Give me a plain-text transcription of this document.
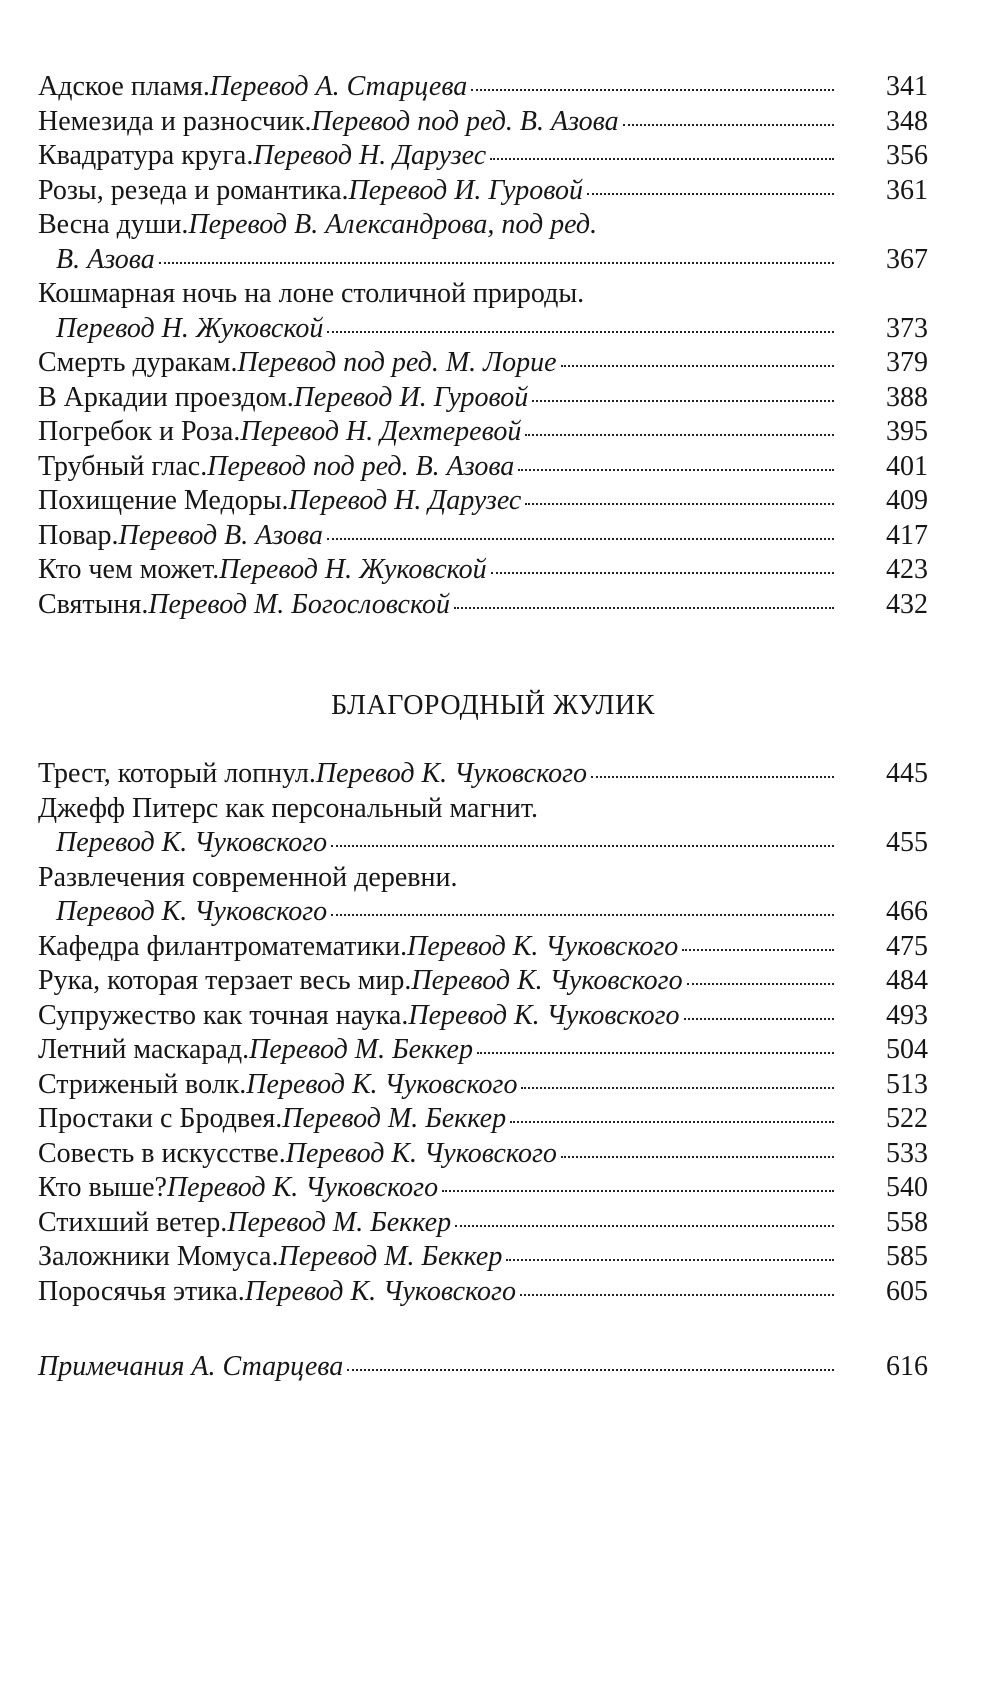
Адское пламя. Перевод А. Старцева	341
Немезида и разносчик. Перевод под ред. В. Азова	348
Квадратура круга. Перевод Н. Дарузес	356
Розы, резеда и романтика. Перевод И. Гуровой	361
Весна души. Перевод В. Александрова, под ред.
В. Азова	367
Кошмарная ночь на лоне столичной природы.
Перевод Н. Жуковской	373
Смерть дуракам. Перевод под ред. М. Лорие	379
В Аркадии проездом. Перевод И. Гуровой	388
Погребок и Роза. Перевод Н. Дехтеревой	395
Трубный глас. Перевод под ред. В. Азова	401
Похищение Медоры. Перевод Н. Дарузес	409
Повар. Перевод В. Азова	417
Кто чем может. Перевод Н. Жуковской	423
Святыня. Перевод М. Богословской	432
БЛАГОРОДНЫЙ ЖУЛИК
Трест, который лопнул. Перевод К. Чуковского	445
Джефф Питерс как персональный магнит.
Перевод К. Чуковского	455
Развлечения современной деревни.
Перевод К. Чуковского	466
Кафедра филантроматематики. Перевод К. Чуковского	475
Рука, которая терзает весь мир. Перевод К. Чуковского	484
Супружество как точная наука. Перевод К. Чуковского	493
Летний маскарад. Перевод М. Беккер	504
Стриженый волк. Перевод К. Чуковского	513
Простаки с Бродвея. Перевод М. Беккер	522
Совесть в искусстве. Перевод К. Чуковского	533
Кто выше? Перевод К. Чуковского	540
Стихший ветер. Перевод М. Беккер	558
Заложники Момуса. Перевод М. Беккер	585
Поросячья этика. Перевод К. Чуковского	605
Примечания А. Старцева	616
